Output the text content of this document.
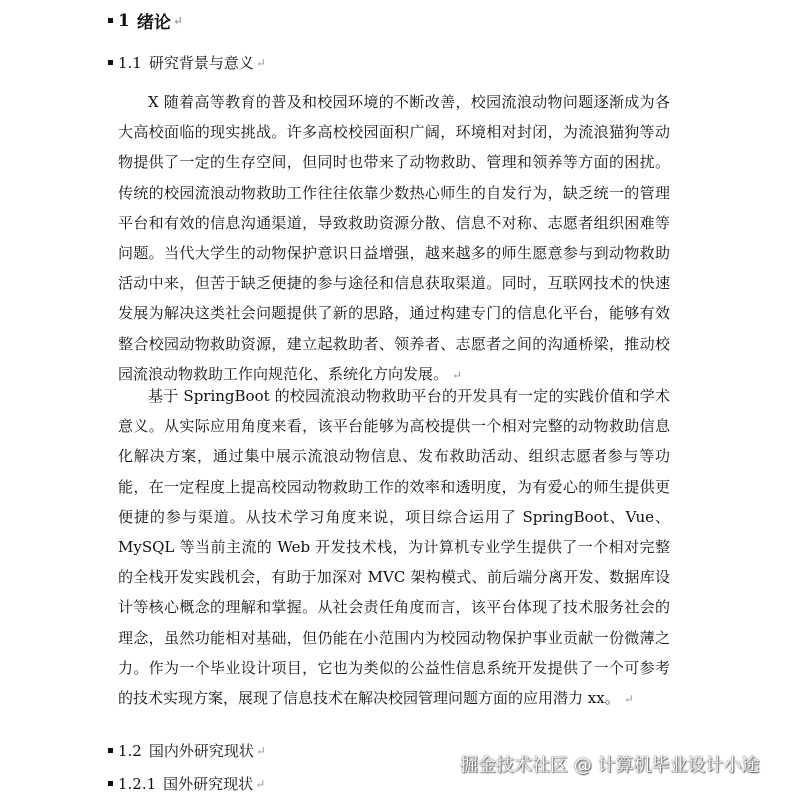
1 绪论 ↵
1.1 研究背景与意义 ↵

X 随着高等教育的普及和校园环境的不断改善，校园流浪动物问题逐渐成为各大高校面临的现实挑战。许多高校校园面积广阔，环境相对封闭，为流浪猫狗等动物提供了一定的生存空间，但同时也带来了动物救助、管理和领养等方面的困扰。传统的校园流浪动物救助工作往往依靠少数热心师生的自发行为，缺乏统一的管理平台和有效的信息沟通渠道，导致救助资源分散、信息不对称、志愿者组织困难等问题。当代大学生的动物保护意识日益增强，越来越多的师生愿意参与到动物救助活动中来，但苦于缺乏便捷的参与途径和信息获取渠道。同时，互联网技术的快速发展为解决这类社会问题提供了新的思路，通过构建专门的信息化平台，能够有效整合校园动物救助资源，建立起救助者、领养者、志愿者之间的沟通桥梁，推动校园流浪动物救助工作向规范化、系统化方向发展。 ↵

基于 SpringBoot 的校园流浪动物救助平台的开发具有一定的实践价值和学术意义。从实际应用角度来看，该平台能够为高校提供一个相对完整的动物救助信息化解决方案，通过集中展示流浪动物信息、发布救助活动、组织志愿者参与等功能，在一定程度上提高校园动物救助工作的效率和透明度，为有爱心的师生提供更便捷的参与渠道。从技术学习角度来说，项目综合运用了 SpringBoot、Vue、MySQL 等当前主流的 Web 开发技术栈，为计算机专业学生提供了一个相对完整的全栈开发实践机会，有助于加深对 MVC 架构模式、前后端分离开发、数据库设计等核心概念的理解和掌握。从社会责任角度而言，该平台体现了技术服务社会的理念，虽然功能相对基础，但仍能在小范围内为校园动物保护事业贡献一份微薄之力。作为一个毕业设计项目，它也为类似的公益性信息系统开发提供了一个可参考的技术实现方案，展现了信息技术在解决校园管理问题方面的应用潜力 xx。 ↵

1.2 国内外研究现状 ↵
1.2.1 国外研究现状 ↵
掘金技术社区 @ 计算机毕业设计小途
